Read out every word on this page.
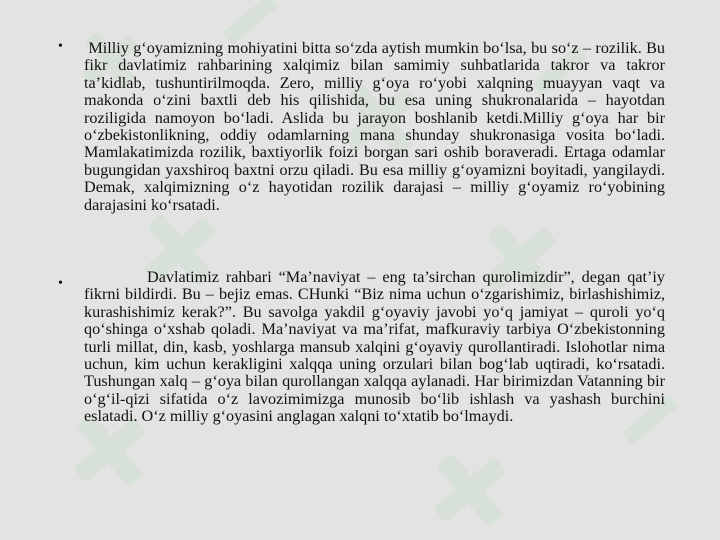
• Milliy g‘oyamizning mohiyatini bitta so‘zda aytish mumkin bo‘lsa, bu so‘z – rozilik. Bu fikr davlatimiz rahbarining xalqimiz bilan samimiy suhbatlarida takror va takror ta’kidlab, tushuntirilmoqda. Zero, milliy g‘oya ro‘yobi xalqning muayyan vaqt va makonda o‘zini baxtli deb his qilishida, bu esa uning shukronalarida – hayotdan roziligida namoyon bo‘ladi. Aslida bu jarayon boshlanib ketdi.Milliy g‘oya har bir o‘zbekistonlikning, oddiy odamlarning mana shunday shukronasiga vosita bo‘ladi. Mamlakatimizda rozilik, baxtiyorlik foizi borgan sari oshib boraveradi. Ertaga odamlar bugungidan yaxshiroq baxtni orzu qiladi. Bu esa milliy g‘oyamizni boyitadi, yangilaydi. Demak, xalqimizning o‘z hayotidan rozilik darajasi – milliy g‘oyamiz ro‘yobining darajasini ko‘rsatadi.

•	Davlatimiz rahbari “Ma’naviyat – eng ta’sirchan qurolimizdir”, degan qat’iy fikrni bildirdi. Bu – bejiz emas. CHunki “Biz nima uchun o‘zgarishimiz, birlashishimiz, kurashishimiz kerak?”. Bu savolga yakdil g‘oyaviy javobi yo‘q jamiyat – quroli yo‘q qo‘shinga o‘xshab qoladi. Ma’naviyat va ma’rifat, mafkuraviy tarbiya O‘zbekistonning turli millat, din, kasb, yoshlarga mansub xalqini g‘oyaviy qurollantiradi. Islohotlar nima uchun, kim uchun kerakligini xalqqa uning orzulari bilan bog‘lab uqtiradi, ko‘rsatadi. Tushungan xalq – g‘oya bilan qurollangan xalqqa aylanadi. Har birimizdan Vatanning bir o‘g‘il-qizi sifatida o‘z lavozimimizga munosib bo‘lib ishlash va yashash burchini eslatadi. O‘z milliy g‘oyasini anglagan xalqni to‘xtatib bo‘lmaydi.
